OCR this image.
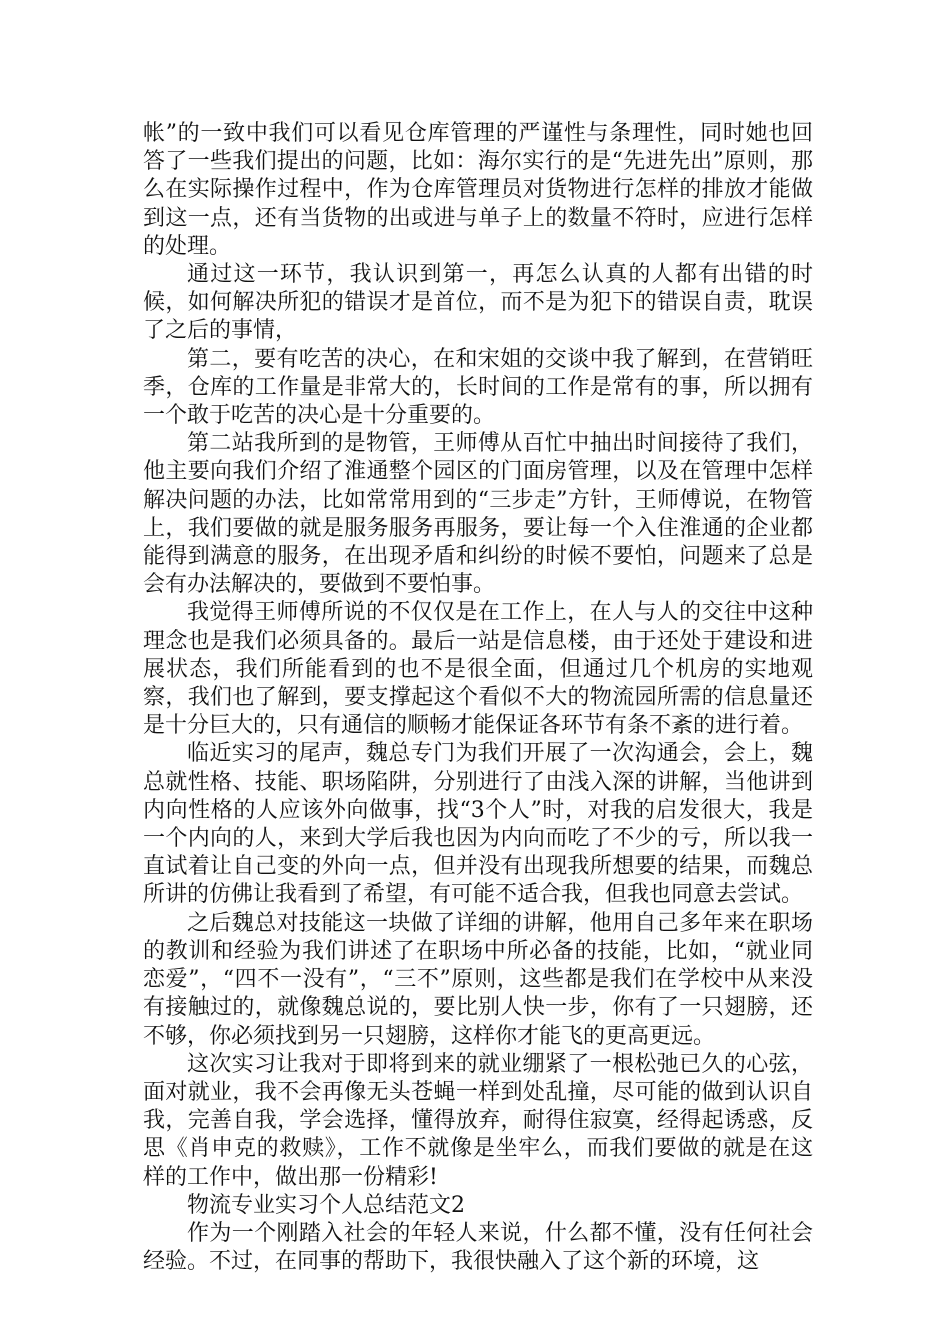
帐”的一致中我们可以看见仓库管理的严谨性与条理性，同时她也回答了一些我们提出的问题，比如：海尔实行的是“先进先出”原则，那么在实际操作过程中，作为仓库管理员对货物进行怎样的排放才能做到这一点，还有当货物的出或进与单子上的数量不符时，应进行怎样的处理。

通过这一环节，我认识到第一，再怎么认真的人都有出错的时候，如何解决所犯的错误才是首位，而不是为犯下的错误自责，耽误了之后的事情，

第二，要有吃苦的决心，在和宋姐的交谈中我了解到，在营销旺季，仓库的工作量是非常大的，长时间的工作是常有的事，所以拥有一个敢于吃苦的决心是十分重要的。

第二站我所到的是物管，王师傅从百忙中抽出时间接待了我们，他主要向我们介绍了淮通整个园区的门面房管理，以及在管理中怎样解决问题的办法，比如常常用到的“三步走”方针，王师傅说，在物管上，我们要做的就是服务服务再服务，要让每一个入住淮通的企业都能得到满意的服务，在出现矛盾和纠纷的时候不要怕，问题来了总是会有办法解决的，要做到不要怕事。

我觉得王师傅所说的不仅仅是在工作上，在人与人的交往中这种理念也是我们必须具备的。最后一站是信息楼，由于还处于建设和进展状态，我们所能看到的也不是很全面，但通过几个机房的实地观察，我们也了解到，要支撑起这个看似不大的物流园所需的信息量还是十分巨大的，只有通信的顺畅才能保证各环节有条不紊的进行着。

临近实习的尾声，魏总专门为我们开展了一次沟通会，会上，魏总就性格、技能、职场陷阱，分别进行了由浅入深的讲解，当他讲到内向性格的人应该外向做事，找“3个人”时，对我的启发很大，我是一个内向的人，来到大学后我也因为内向而吃了不少的亏，所以我一直试着让自己变的外向一点，但并没有出现我所想要的结果，而魏总所讲的仿佛让我看到了希望，有可能不适合我，但我也同意去尝试。

之后魏总对技能这一块做了详细的讲解，他用自己多年来在职场的教训和经验为我们讲述了在职场中所必备的技能，比如，“就业同恋爱”，“四不一没有”，“三不”原则，这些都是我们在学校中从来没有接触过的，就像魏总说的，要比别人快一步，你有了一只翅膀，还不够，你必须找到另一只翅膀，这样你才能飞的更高更远。

这次实习让我对于即将到来的就业绷紧了一根松弛已久的心弦，面对就业，我不会再像无头苍蝇一样到处乱撞，尽可能的做到认识自我，完善自我，学会选择，懂得放弃，耐得住寂寞，经得起诱惑，反思《肖申克的救赎》，工作不就像是坐牢么，而我们要做的就是在这样的工作中，做出那一份精彩!

物流专业实习个人总结范文2

作为一个刚踏入社会的年轻人来说，什么都不懂，没有任何社会经验。不过，在同事的帮助下，我很快融入了这个新的环境，这
